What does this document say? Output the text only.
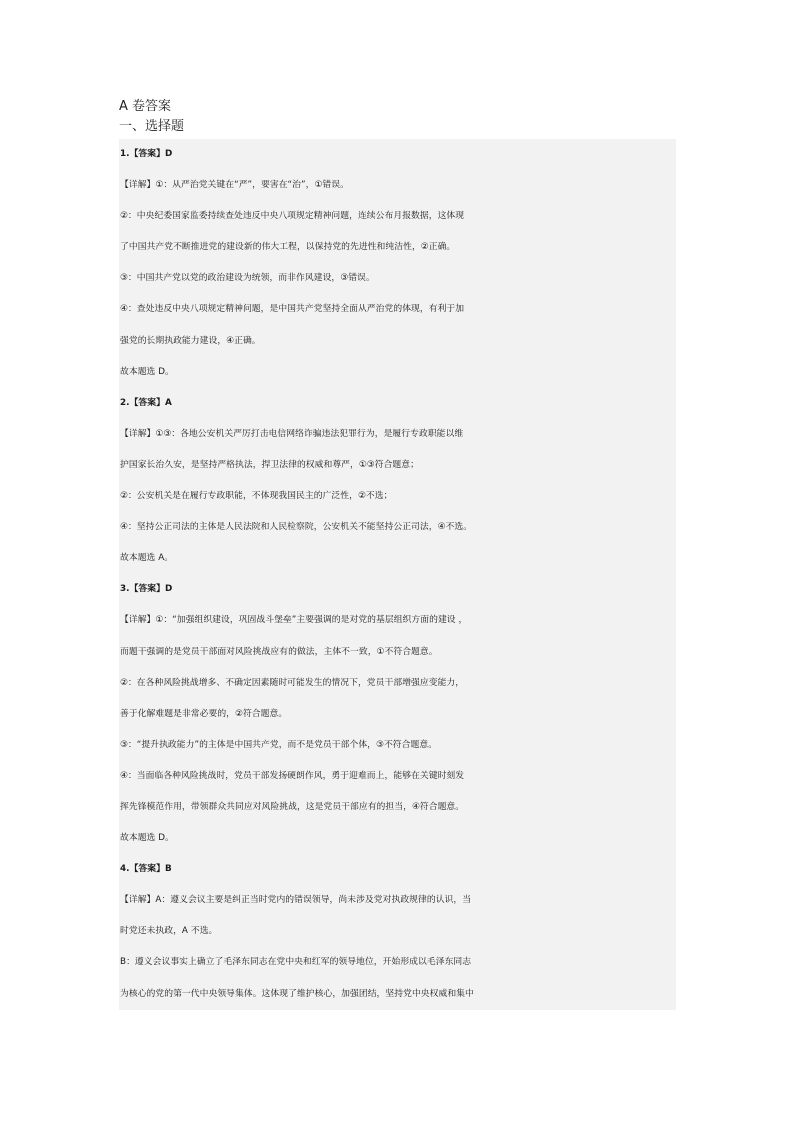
A 卷答案
一、选择题
1.【答案】D
【详解】①：从严治党关键在“严”，要害在“治”，①错误。
②：中央纪委国家监委持续查处违反中央八项规定精神问题，连续公布月报数据，这体现
了中国共产党不断推进党的建设新的伟大工程，以保持党的先进性和纯洁性，②正确。
③：中国共产党以党的政治建设为统领，而非作风建设，③错误。
④：查处违反中央八项规定精神问题，是中国共产党坚持全面从严治党的体现，有利于加
强党的长期执政能力建设，④正确。
故本题选 D。
2.【答案】A
【详解】①③：各地公安机关严厉打击电信网络诈骗违法犯罪行为，是履行专政职能以维
护国家长治久安，是坚持严格执法，捍卫法律的权威和尊严，①③符合题意；
②：公安机关是在履行专政职能，不体现我国民主的广泛性，②不选；
④：坚持公正司法的主体是人民法院和人民检察院，公安机关不能坚持公正司法，④不选。
故本题选 A。
3.【答案】D
【详解】①：“加强组织建设，巩固战斗堡垒”主要强调的是对党的基层组织方面的建设 ，
而题干强调的是党员干部面对风险挑战应有的做法，主体不一致，①不符合题意。
②：在各种风险挑战增多、不确定因素随时可能发生的情况下，党员干部增强应变能力，
善于化解难题是非常必要的，②符合题意。
③：“提升执政能力”的主体是中国共产党，而不是党员干部个体，③不符合题意。
④：当面临各种风险挑战时，党员干部发扬硬朗作风，勇于迎难而上，能够在关键时刻发
挥先锋模范作用，带领群众共同应对风险挑战，这是党员干部应有的担当，④符合题意。
故本题选 D。
4.【答案】B
【详解】A：遵义会议主要是纠正当时党内的错误领导，尚未涉及党对执政规律的认识，当
时党还未执政，A 不选。
B：遵义会议事实上确立了毛泽东同志在党中央和红军的领导地位，开始形成以毛泽东同志
为核心的党的第一代中央领导集体。这体现了维护核心，加强团结，坚持党中央权威和集中
